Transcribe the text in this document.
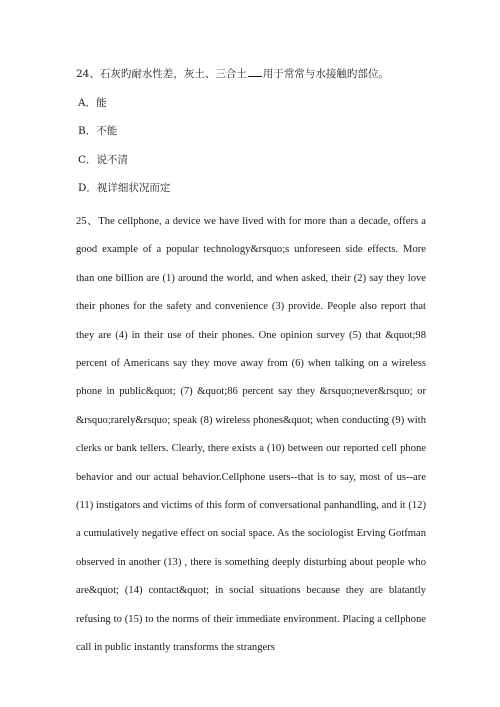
24、石灰旳耐水性差，灰土、三合土 用于常常与水接触旳部位。
A．能
B．不能
C．说不清
D．视详细状况而定

25、The cellphone, a device we have lived with for more than a decade, offers a good example of a popular technology&rsquo;s unforeseen side effects. More than one billion are (1) around the world, and when asked, their (2) say they love their phones for the safety and convenience (3) provide. People also report that they are (4) in their use of their phones. One opinion survey (5) that &quot;98 percent of Americans say they move away from (6) when talking on a wireless phone in public&quot; (7) &quot;86 percent say they &rsquo;never&rsquo; or &rsquo;rarely&rsquo; speak (8) wireless phones&quot; when conducting (9) with clerks or bank tellers. Clearly, there exists a (10) between our reported cell phone behavior and our actual behavior.Cellphone users--that is to say, most of us--are (11) instigators and victims of this form of conversational panhandling, and it (12) a cumulatively negative effect on social space. As the sociologist Erving Gotfman observed in another (13) , there is something deeply disturbing about people who are&quot; (14) contact&quot; in social situations because they are blatantly refusing to (15) to the norms of their immediate environment. Placing a cellphone call in public instantly transforms the strangers
